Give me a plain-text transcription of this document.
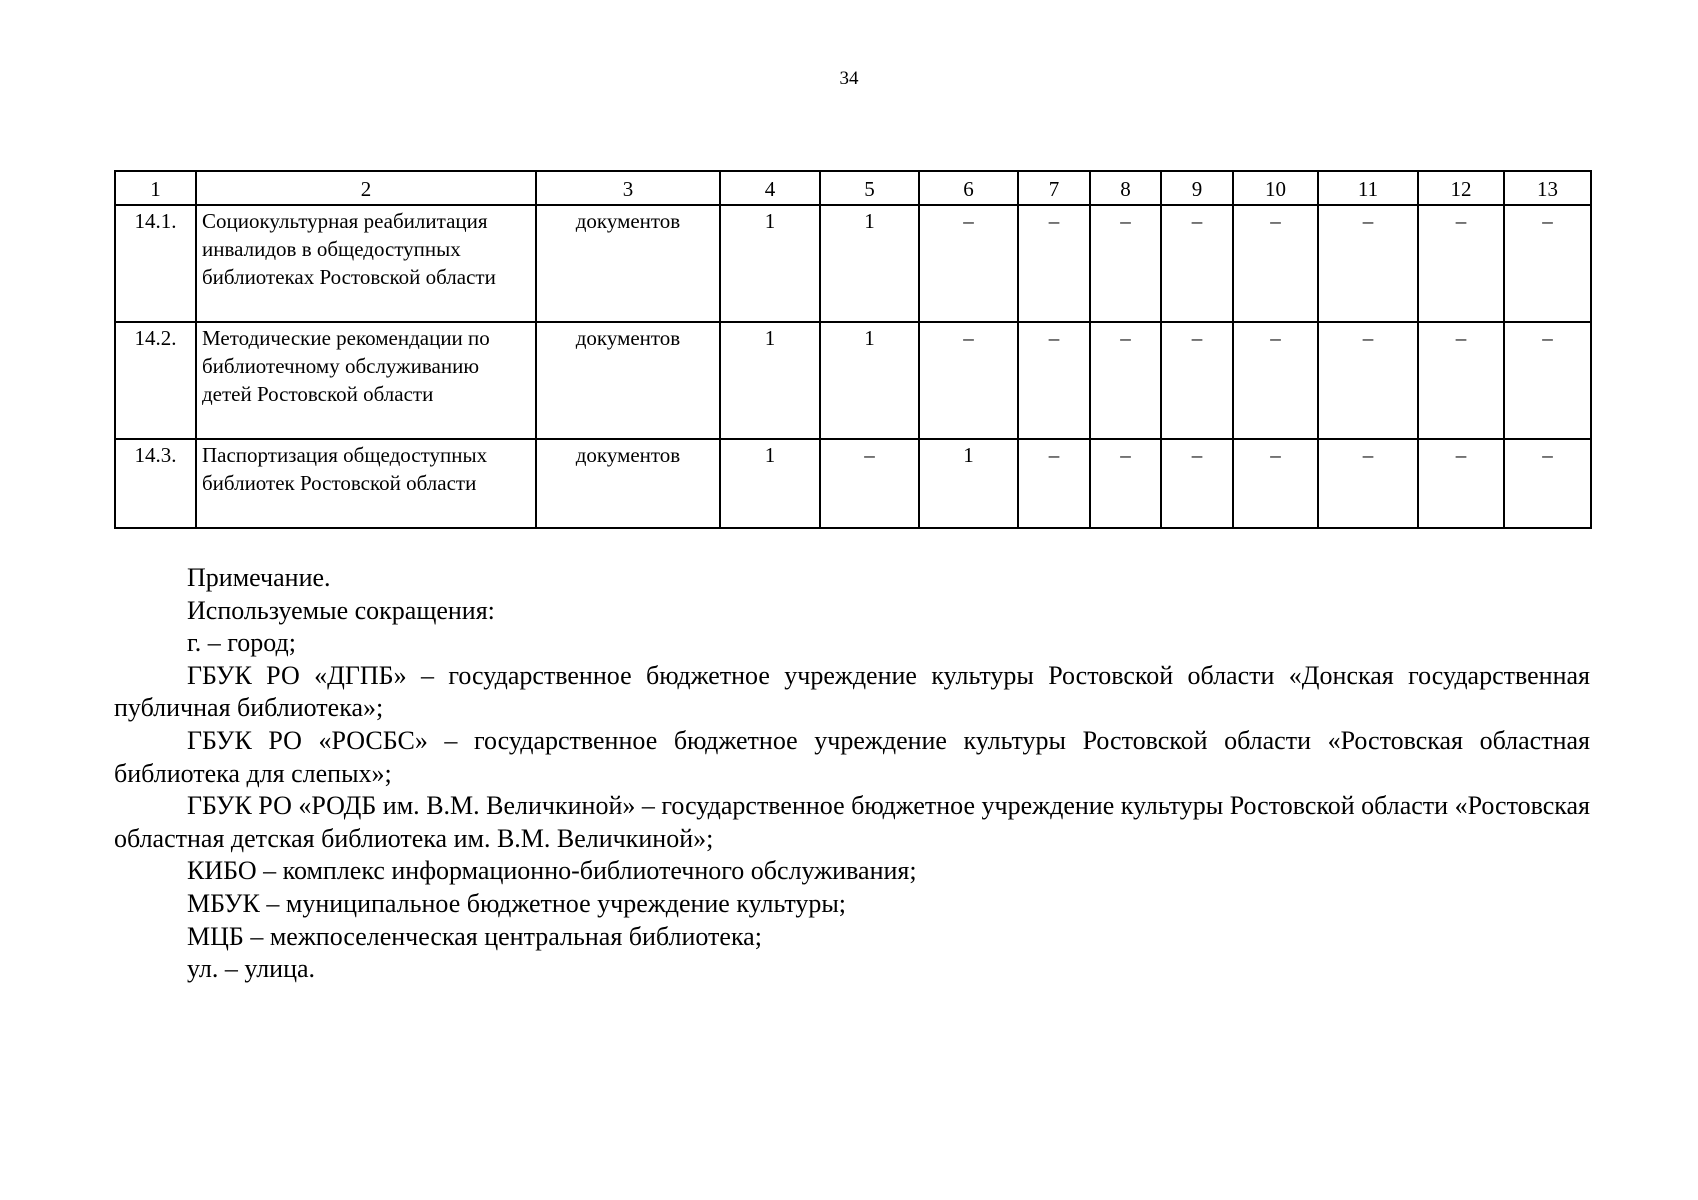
34
1	2	3	4	5	6	7	8	9	10	11	12	13
14.1.	Социокультурная реабилитация инвалидов в общедоступных библиотеках Ростовской области	документов	1	1	–	–	–	–	–	–	–	–
14.2.	Методические рекомендации по библиотечному обслуживанию детей Ростовской области	документов	1	1	–	–	–	–	–	–	–	–
14.3.	Паспортизация общедоступных библиотек Ростовской области	документов	1	–	1	–	–	–	–	–	–	–

Примечание.

Используемые сокращения:

г. – город;

ГБУК РО «ДГПБ» – государственное бюджетное учреждение культуры Ростовской области «Донская государственная публичная библиотека»;

ГБУК РО «РОСБС» – государственное бюджетное учреждение культуры Ростовской области «Ростовская областная библиотека для слепых»;

ГБУК РО «РОДБ им. В.М. Величкиной» – государственное бюджетное учреждение культуры Ростовской области «Ростовская областная детская библиотека им. В.М. Величкиной»;

КИБО – комплекс информационно-библиотечного обслуживания;

МБУК – муниципальное бюджетное учреждение культуры;

МЦБ – межпоселенческая центральная библиотека;

ул. – улица.
